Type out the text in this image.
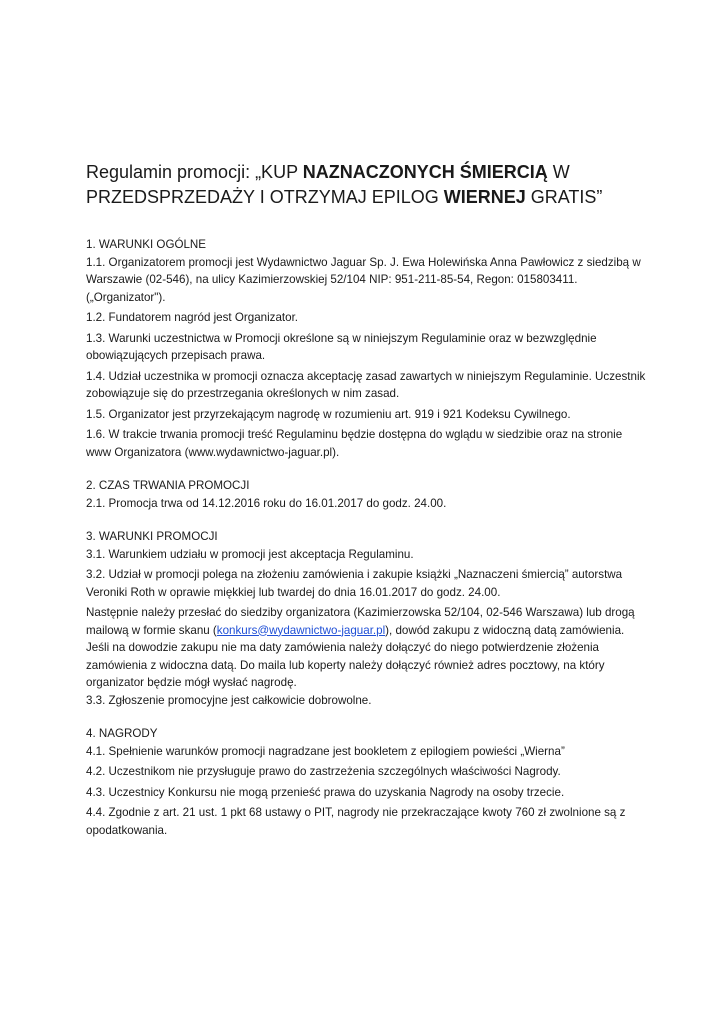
Regulamin promocji: „KUP NAZNACZONYCH ŚMIERCIĄ W PRZEDSPRZEDAŻY I OTRZYMAJ EPILOG WIERNEJ GRATIS”

1. WARUNKI OGÓLNE

1.1. Organizatorem promocji jest Wydawnictwo Jaguar Sp. J. Ewa Holewińska Anna Pawłowicz z siedzibą w Warszawie (02-546), na ulicy Kazimierzowskiej 52/104 NIP: 951-211-85-54, Regon: 015803411. („Organizator").

1.2. Fundatorem nagród jest Organizator.

1.3. Warunki uczestnictwa w Promocji określone są w niniejszym Regulaminie oraz w bezwzględnie obowiązujących przepisach prawa.

1.4. Udział uczestnika w promocji oznacza akceptację zasad zawartych w niniejszym Regulaminie. Uczestnik zobowiązuje się do przestrzegania określonych w nim zasad.

1.5. Organizator jest przyrzekającym nagrodę w rozumieniu art. 919 i 921 Kodeksu Cywilnego.

1.6. W trakcie trwania promocji treść Regulaminu będzie dostępna do wglądu w siedzibie oraz na stronie www Organizatora (www.wydawnictwo-jaguar.pl).

2. CZAS TRWANIA PROMOCJI

2.1. Promocja trwa od 14.12.2016 roku do 16.01.2017 do godz. 24.00.

3. WARUNKI PROMOCJI

3.1. Warunkiem udziału w promocji jest akceptacja Regulaminu.

3.2. Udział w promocji polega na złożeniu zamówienia i zakupie książki „Naznaczeni śmiercią” autorstwa Veroniki Roth w oprawie miękkiej lub twardej do dnia 16.01.2017 do godz. 24.00.

Następnie należy przesłać do siedziby organizatora (Kazimierzowska 52/104, 02-546 Warszawa) lub drogą mailową w formie skanu (konkurs@wydawnictwo-jaguar.pl), dowód zakupu z widoczną datą zamówienia. Jeśli na dowodzie zakupu nie ma daty zamówienia należy dołączyć do niego potwierdzenie złożenia zamówienia z widoczna datą. Do maila lub koperty należy dołączyć również adres pocztowy, na który organizator będzie mógł wysłać nagrodę.

3.3. Zgłoszenie promocyjne jest całkowicie dobrowolne.

4. NAGRODY

4.1. Spełnienie warunków promocji nagradzane jest bookletem z epilogiem powieści „Wierna”

4.2. Uczestnikom nie przysługuje prawo do zastrzeżenia szczególnych właściwości Nagrody.

4.3. Uczestnicy Konkursu nie mogą przenieść prawa do uzyskania Nagrody na osoby trzecie.

4.4. Zgodnie z art. 21 ust. 1 pkt 68 ustawy o PIT, nagrody nie przekraczające kwoty 760 zł zwolnione są z opodatkowania.
